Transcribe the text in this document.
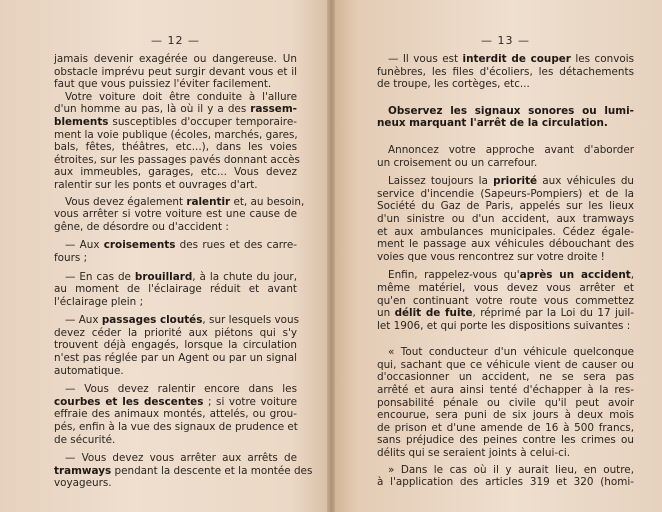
— 12 —
jamais devenir exagérée ou dangereuse. Un
obstacle imprévu peut surgir devant vous et il
faut que vous puissiez l'éviter facilement.
Votre voiture doit être conduite à l'allure
d'un homme au pas, là où il y a des rassem-
blements susceptibles d'occuper temporaire-
ment la voie publique (écoles, marchés, gares,
bals, fêtes, théâtres, etc...), dans les voies
étroites, sur les passages pavés donnant accès
aux immeubles, garages, etc... Vous devez
ralentir sur les ponts et ouvrages d'art.
Vous devez également ralentir et, au besoin,
vous arrêter si votre voiture est une cause de
gêne, de désordre ou d'accident :
— Aux croisements des rues et des carre-
fours ;
— En cas de brouillard, à la chute du jour,
au moment de l'éclairage réduit et avant
l'éclairage plein ;
— Aux passages cloutés, sur lesquels vous
devez céder la priorité aux piétons qui s'y
trouvent déjà engagés, lorsque la circulation
n'est pas réglée par un Agent ou par un signal
automatique.
— Vous devez ralentir encore dans les
courbes et les descentes ; si votre voiture
effraie des animaux montés, attelés, ou grou-
pés, enfin à la vue des signaux de prudence et
de sécurité.
— Vous devez vous arrêter aux arrêts de
tramways pendant la descente et la montée des
voyageurs.
— 13 —
— Il vous est interdit de couper les convois
funèbres, les files d'écoliers, les détachements
de troupe, les cortèges, etc...
Observez les signaux sonores ou lumi-
neux marquant l'arrêt de la circulation.
Annoncez votre approche avant d'aborder
un croisement ou un carrefour.
Laissez toujours la priorité aux véhicules du
service d'incendie (Sapeurs-Pompiers) et de la
Société du Gaz de Paris, appelés sur les lieux
d'un sinistre ou d'un accident, aux tramways
et aux ambulances municipales. Cédez égale-
ment le passage aux véhicules débouchant des
voies que vous rencontrez sur votre droite !
Enfin, rappelez-vous qu'après un accident,
même matériel, vous devez vous arrêter et
qu'en continuant votre route vous commettez
un délit de fuite, réprimé par la Loi du 17 juil-
let 1906, et qui porte les dispositions suivantes :
« Tout conducteur d'un véhicule quelconque
qui, sachant que ce véhicule vient de causer ou
d'occasionner un accident, ne se sera pas
arrêté et aura ainsi tenté d'échapper à la res-
ponsabilité pénale ou civile qu'il peut avoir
encourue, sera puni de six jours à deux mois
de prison et d'une amende de 16 à 500 francs,
sans préjudice des peines contre les crimes ou
délits qui se seraient joints à celui-ci.
» Dans le cas où il y aurait lieu, en outre,
à l'application des articles 319 et 320 (homi-
